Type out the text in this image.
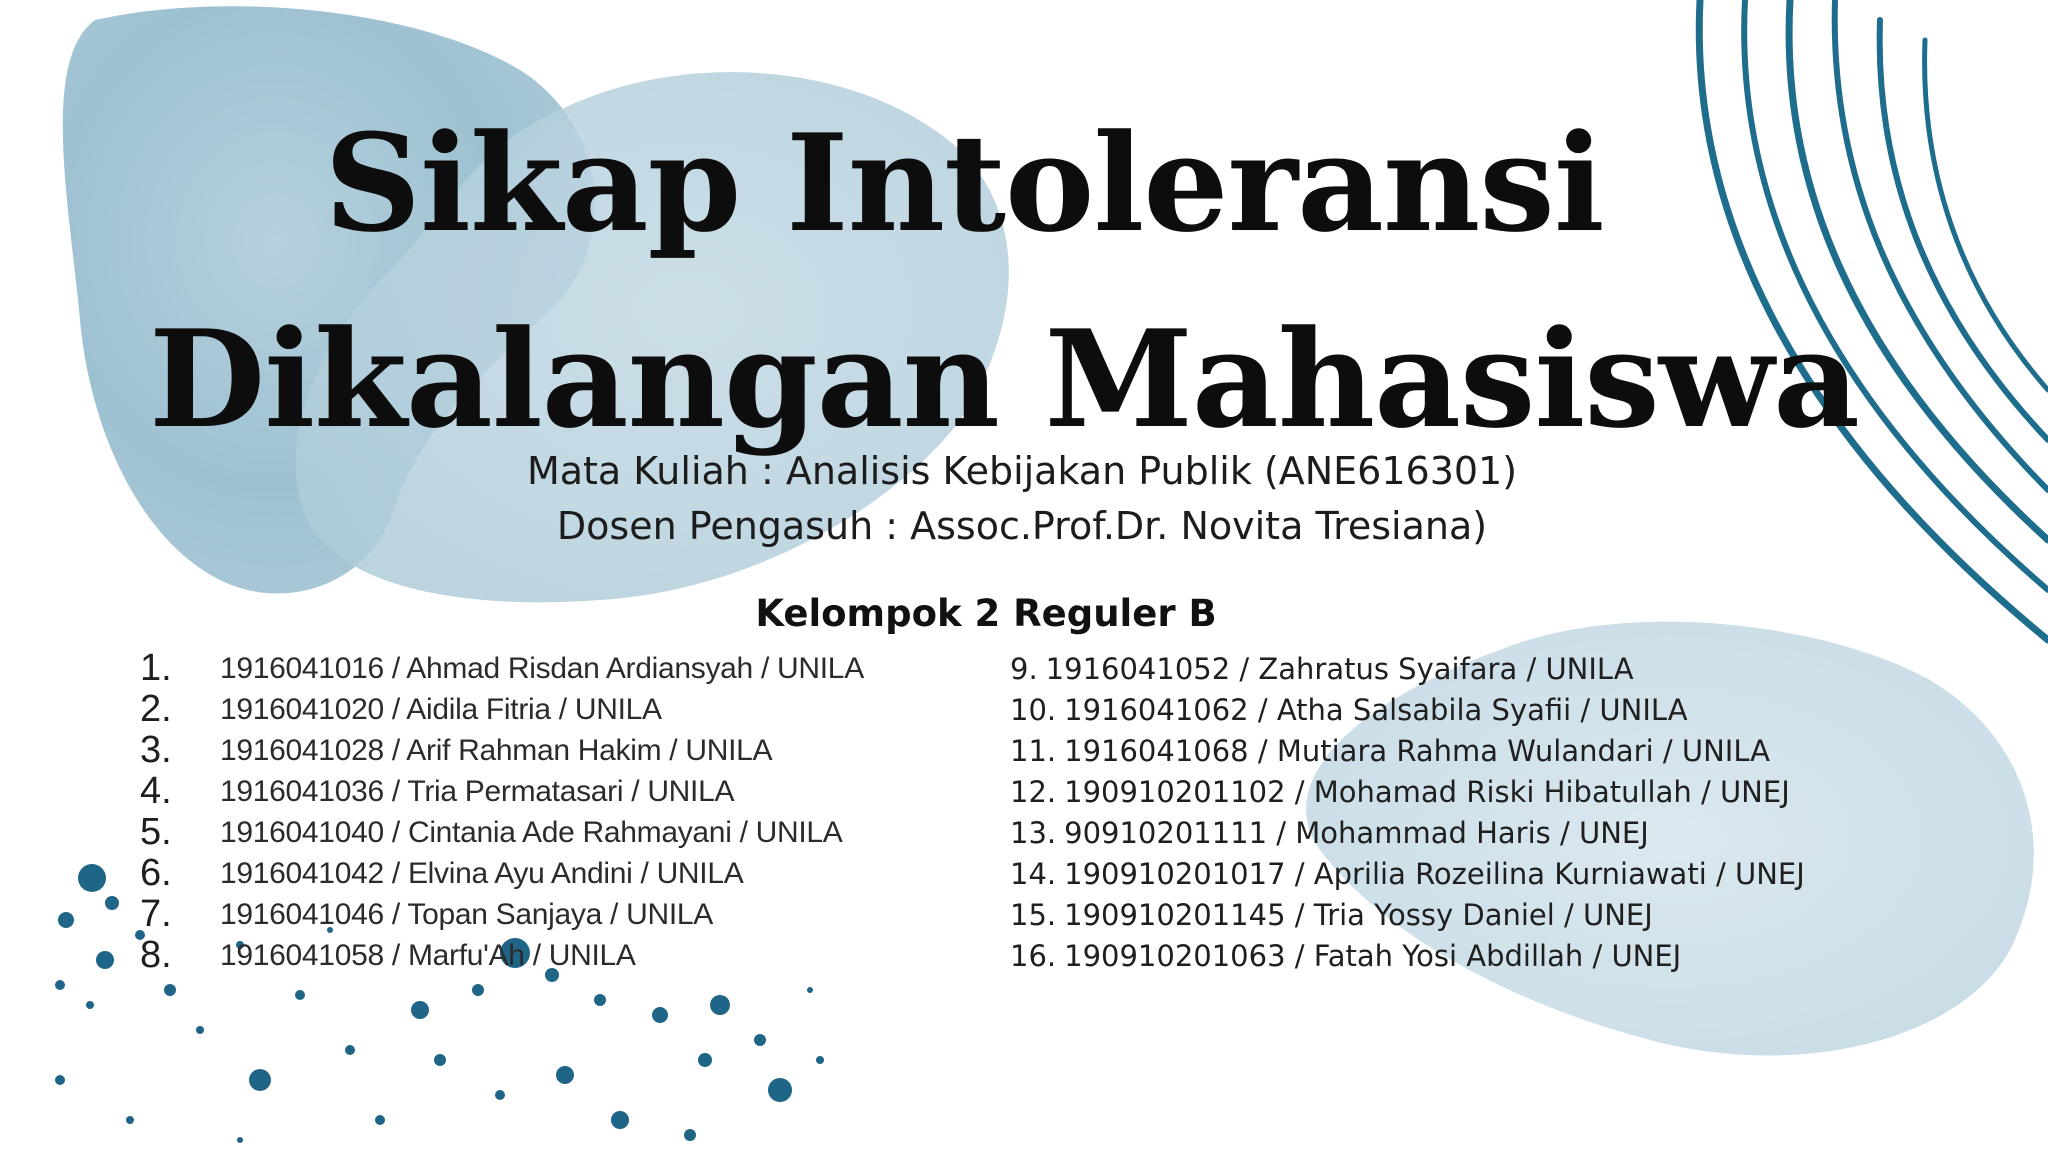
Sikap Intoleransi
Dikalangan Mahasiswa

Mata Kuliah : Analisis Kebijakan Publik (ANE616301)

Dosen Pengasuh : Assoc.Prof.Dr. Novita Tresiana)

Kelompok 2 Reguler B
1.	1916041016 / Ahmad Risdan Ardiansyah / UNILA
2.	1916041020 / Aidila Fitria / UNILA
3.	1916041028 / Arif Rahman Hakim / UNILA
4.	1916041036 / Tria Permatasari / UNILA
5.	1916041040 / Cintania Ade Rahmayani / UNILA
6.	1916041042 / Elvina Ayu Andini / UNILA
7.	1916041046 / Topan Sanjaya / UNILA
8.	1916041058 / Marfu'Ah / UNILA
9. 1916041052 / Zahratus Syaifara / UNILA
10. 1916041062 / Atha Salsabila Syafii / UNILA
11. 1916041068 / Mutiara Rahma Wulandari / UNILA
12. 190910201102 / Mohamad Riski Hibatullah / UNEJ
13. 90910201111 / Mohammad Haris / UNEJ
14. 190910201017 / Aprilia Rozeilina Kurniawati / UNEJ
15. 190910201145 / Tria Yossy Daniel / UNEJ
16. 190910201063 / Fatah Yosi Abdillah / UNEJ
